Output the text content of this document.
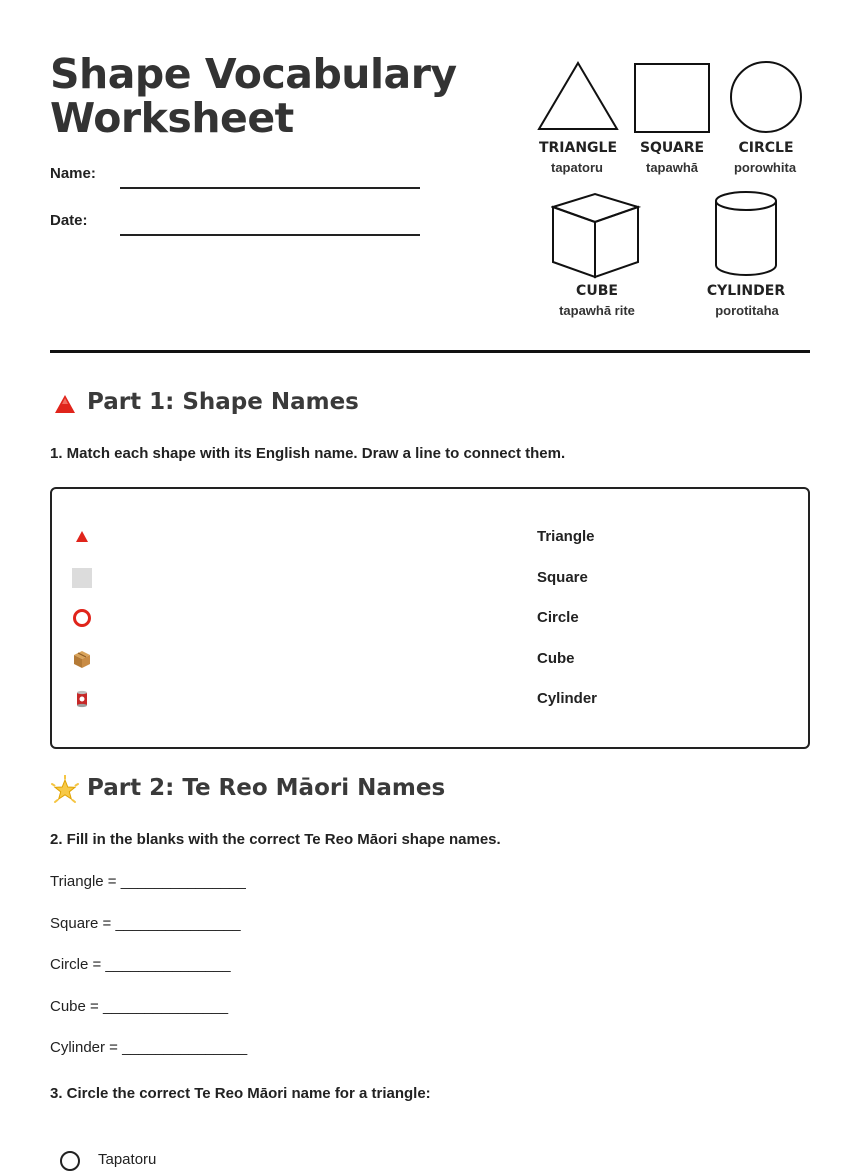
Shape Vocabulary Worksheet
Name:
Date:
TRIANGLE
tapatoru
SQUARE
tapawhā
CIRCLE
porowhita
CUBE
tapawhā rite
CYLINDER
porotitaha
Part 1: Shape Names
1. Match each shape with its English name. Draw a line to connect them.
Triangle
Square
Circle
Cube
Cylinder
Part 2: Te Reo Māori Names
2. Fill in the blanks with the correct Te Reo Māori shape names.
Triangle = _______________
Square = _______________
Circle = _______________
Cube = _______________
Cylinder = _______________
3. Circle the correct Te Reo Māori name for a triangle:
Tapatoru
